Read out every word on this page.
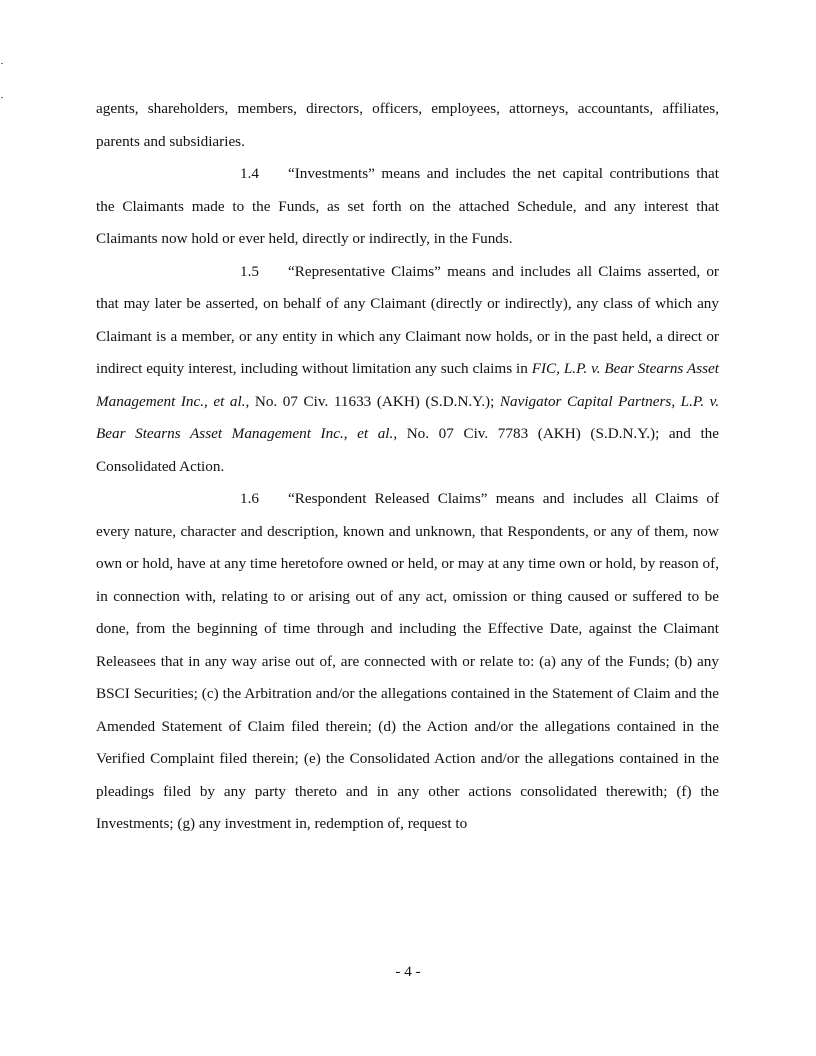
agents, shareholders, members, directors, officers, employees, attorneys, accountants, affiliates, parents and subsidiaries.

1.4 “Investments” means and includes the net capital contributions that the Claimants made to the Funds, as set forth on the attached Schedule, and any interest that Claimants now hold or ever held, directly or indirectly, in the Funds.

1.5 “Representative Claims” means and includes all Claims asserted, or that may later be asserted, on behalf of any Claimant (directly or indirectly), any class of which any Claimant is a member, or any entity in which any Claimant now holds, or in the past held, a direct or indirect equity interest, including without limitation any such claims in FIC, L.P. v. Bear Stearns Asset Management Inc., et al., No. 07 Civ. 11633 (AKH) (S.D.N.Y.); Navigator Capital Partners, L.P. v. Bear Stearns Asset Management Inc., et al., No. 07 Civ. 7783 (AKH) (S.D.N.Y.); and the Consolidated Action.

1.6 “Respondent Released Claims” means and includes all Claims of every nature, character and description, known and unknown, that Respondents, or any of them, now own or hold, have at any time heretofore owned or held, or may at any time own or hold, by reason of, in connection with, relating to or arising out of any act, omission or thing caused or suffered to be done, from the beginning of time through and including the Effective Date, against the Claimant Releasees that in any way arise out of, are connected with or relate to: (a) any of the Funds; (b) any BSCI Securities; (c) the Arbitration and/or the allegations contained in the Statement of Claim and the Amended Statement of Claim filed therein; (d) the Action and/or the allegations contained in the Verified Complaint filed therein; (e) the Consolidated Action and/or the allegations contained in the pleadings filed by any party thereto and in any other actions consolidated therewith; (f) the Investments; (g) any investment in, redemption of, request to

- 4 -
